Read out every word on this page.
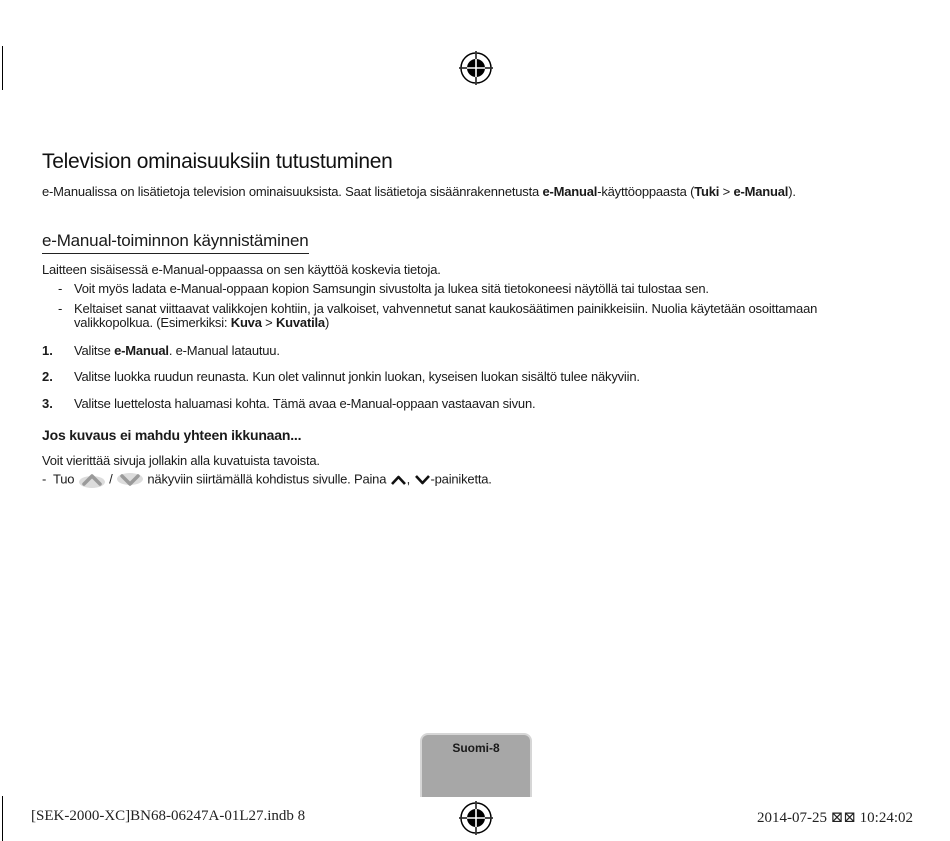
Television ominaisuuksiin tutustuminen
e-Manualissa on lisätietoja television ominaisuuksista. Saat lisätietoja sisäänrakennetusta e-Manual-käyttöoppaasta (Tuki > e-Manual).
e-Manual-toiminnon käynnistäminen
Laitteen sisäisessä e-Manual-oppaassa on sen käyttöä koskevia tietoja.
- Voit myös ladata e-Manual-oppaan kopion Samsungin sivustolta ja lukea sitä tietokoneesi näytöllä tai tulostaa sen.
- Keltaiset sanat viittaavat valikkojen kohtiin, ja valkoiset, vahvennetut sanat kaukosäätimen painikkeisiin. Nuolia käytetään osoittamaan
valikkopolkua. (Esimerkiksi: Kuva > Kuvatila)
1. Valitse e-Manual. e-Manual latautuu.
2. Valitse luokka ruudun reunasta. Kun olet valinnut jonkin luokan, kyseisen luokan sisältö tulee näkyviin.
3. Valitse luettelosta haluamasi kohta. Tämä avaa e-Manual-oppaan vastaavan sivun.
Jos kuvaus ei mahdu yhteen ikkunaan...
Voit vierittää sivuja jollakin alla kuvatuista tavoista.
- Tuo	/	näkyviin siirtämällä kohdistus sivulle. Paina , -painiketta.
Suomi-8
[SEK-2000-XC]BN68-06247A-01L27.indb 8	2014-07-25 ⊠⊠ 10:24:02
